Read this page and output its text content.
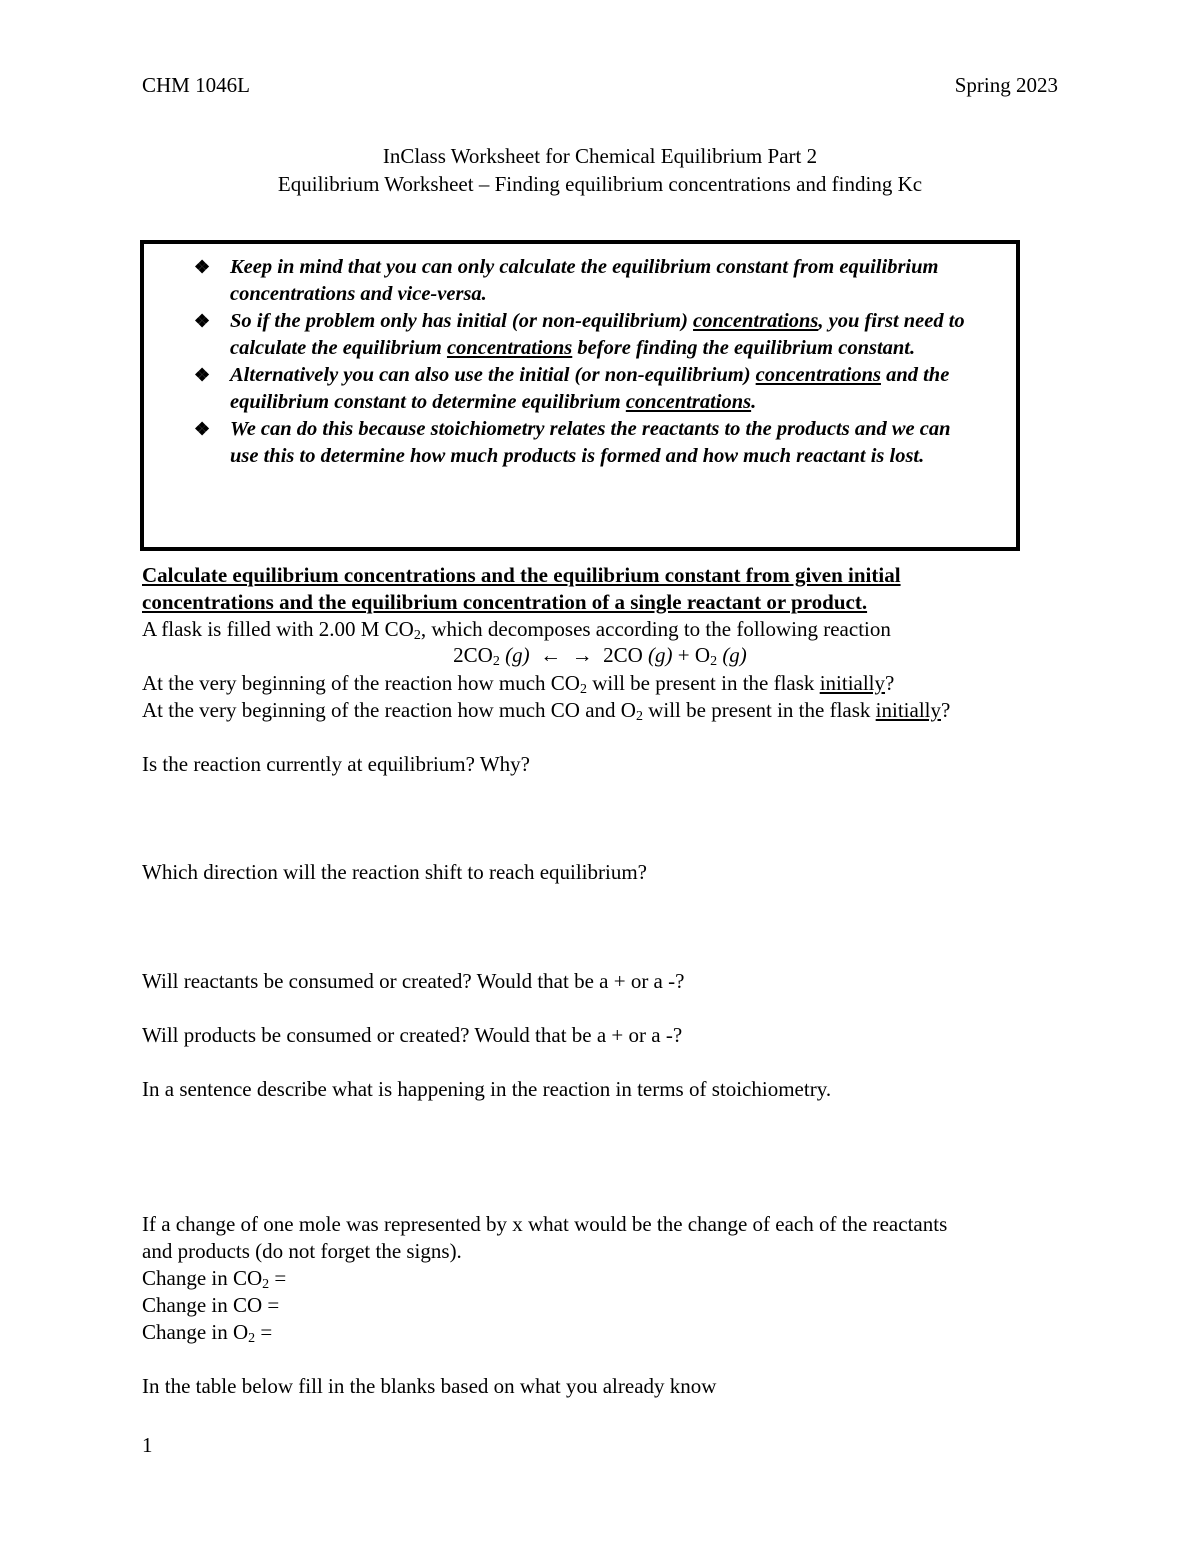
CHM 1046L	Spring 2023
InClass Worksheet for Chemical Equilibrium Part 2
Equilibrium Worksheet – Finding equilibrium concentrations and finding Kc
❖ Keep in mind that you can only calculate the equilibrium constant from equilibrium concentrations and vice-versa.
❖ So if the problem only has initial (or non-equilibrium) concentrations, you first need to calculate the equilibrium concentrations before finding the equilibrium constant.
❖ Alternatively you can also use the initial (or non-equilibrium) concentrations and the equilibrium constant to determine equilibrium concentrations.
❖ We can do this because stoichiometry relates the reactants to the products and we can use this to determine how much products is formed and how much reactant is lost.
Calculate equilibrium concentrations and the equilibrium constant from given initial
concentrations and the equilibrium concentration of a single reactant or product.
A flask is filled with 2.00 M $CO_2$, which decomposes according to the following reaction
$2CO_2$ (g)  ←  →  2CO $(g) + O_2$ (g)
At the very beginning of the reaction how much $CO_2$ will be present in the flask initially?
At the very beginning of the reaction how much CO and $O_2$ will be present in the flask initially?
Is the reaction currently at equilibrium? Why?
Which direction will the reaction shift to reach equilibrium?
Will reactants be consumed or created? Would that be a + or a -?
Will products be consumed or created? Would that be a + or a -?
In a sentence describe what is happening in the reaction in terms of stoichiometry.
If a change of one mole was represented by x what would be the change of each of the reactants
and products (do not forget the signs).
Change in $CO_2$ =
Change in CO =
Change in $O_2$ =
In the table below fill in the blanks based on what you already know
1
